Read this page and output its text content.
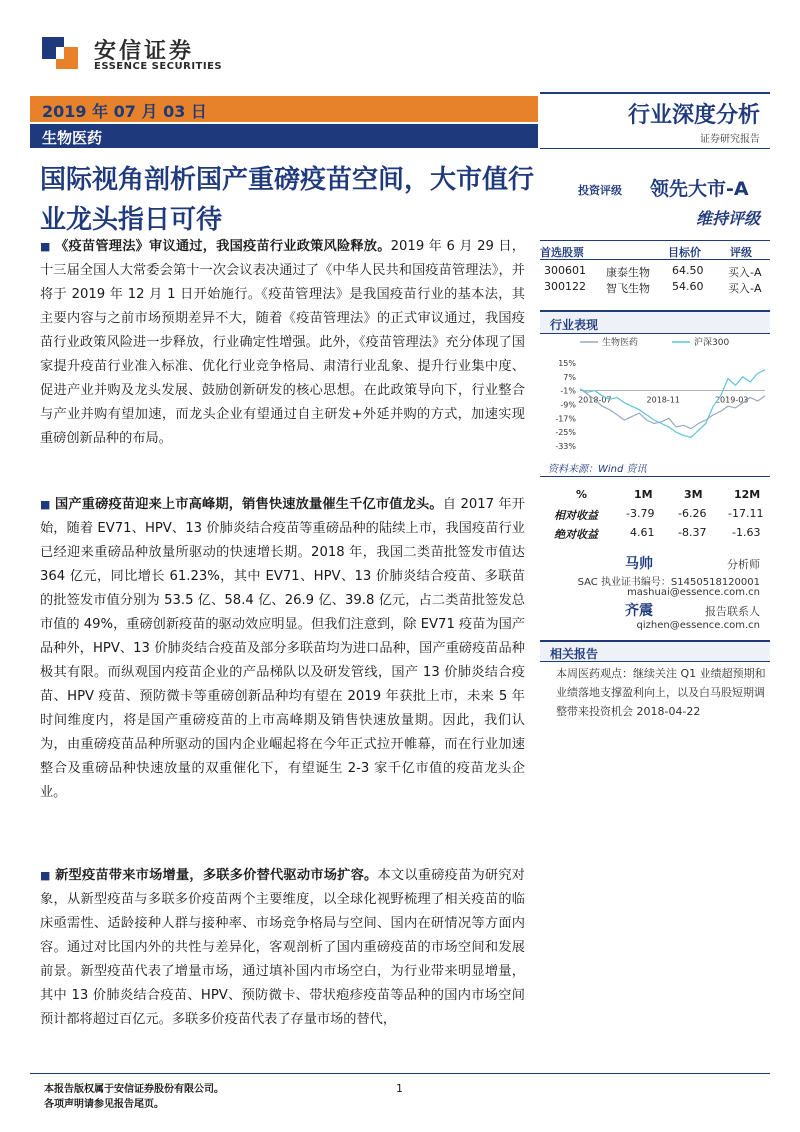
安信证券
ESSENCE SECURITIES
2019 年 07 月 03 日
生物医药
行业深度分析
证券研究报告
国际视角剖析国产重磅疫苗空间，大市值行业龙头指日可待
投资评级 领先大市-A
维持评级
■ 《疫苗管理法》审议通过，我国疫苗行业政策风险释放。2019 年 6 月 29 日，十三届全国人大常委会第十一次会议表决通过了《中华人民共和国疫苗管理法》，并将于 2019 年 12 月 1 日开始施行。《疫苗管理法》是我国疫苗行业的基本法，其主要内容与之前市场预期差异不大，随着《疫苗管理法》的正式审议通过，我国疫苗行业政策风险进一步释放，行业确定性增强。此外，《疫苗管理法》充分体现了国家提升疫苗行业准入标准、优化行业竞争格局、肃清行业乱象、提升行业集中度、促进产业并购及龙头发展、鼓励创新研发的核心思想。在此政策导向下，行业整合与产业并购有望加速，而龙头企业有望通过自主研发+外延并购的方式，加速实现重磅创新品种的布局。
■ 国产重磅疫苗迎来上市高峰期，销售快速放量催生千亿市值龙头。自 2017 年开始，随着 EV71、HPV、13 价肺炎结合疫苗等重磅品种的陆续上市，我国疫苗行业已经迎来重磅品种放量所驱动的快速增长期。2018 年，我国二类苗批签发市值达 364 亿元，同比增长 61.23%，其中 EV71、HPV、13 价肺炎结合疫苗、多联苗的批签发市值分别为 53.5 亿、58.4 亿、26.9 亿、39.8 亿元，占二类苗批签发总市值的 49%，重磅创新疫苗的驱动效应明显。但我们注意到，除 EV71 疫苗为国产品种外，HPV、13 价肺炎结合疫苗及部分多联苗均为进口品种，国产重磅疫苗品种极其有限。而纵观国内疫苗企业的产品梯队以及研发管线，国产 13 价肺炎结合疫苗、HPV 疫苗、预防微卡等重磅创新品种均有望在 2019 年获批上市，未来 5 年时间维度内，将是国产重磅疫苗的上市高峰期及销售快速放量期。因此，我们认为，由重磅疫苗品种所驱动的国内企业崛起将在今年正式拉开帷幕，而在行业加速整合及重磅品种快速放量的双重催化下，有望诞生 2-3 家千亿市值的疫苗龙头企业。
■ 新型疫苗带来市场增量，多联多价替代驱动市场扩容。本文以重磅疫苗为研究对象，从新型疫苗与多联多价疫苗两个主要维度，以全球化视野梳理了相关疫苗的临床亟需性、适龄接种人群与接种率、市场竞争格局与空间、国内在研情况等方面内容。通过对比国内外的共性与差异化，客观剖析了国内重磅疫苗的市场空间和发展前景。新型疫苗代表了增量市场，通过填补国内市场空白，为行业带来明显增量，其中 13 价肺炎结合疫苗、HPV、预防微卡、带状疱疹疫苗等品种的国内市场空间预计都将超过百亿元。多联多价疫苗代表了存量市场的替代，
首选股票	目标价	评级
300601 康泰生物 64.50 买入-A
300122 智飞生物 54.60 买入-A
行业表现
生物医药	沪深300
15%
7%
-1%
-9%
-17%
-25%
-33%
2018-07	2018-11	2019-03
资料来源：Wind 资讯
%	1M	3M	12M
相对收益	-3.79 -6.26 -17.11
绝对收益	4.61 -8.37 -1.63
马帅	分析师
SAC 执业证书编号：S1450518120001
mashuai@essence.com.cn
齐震	报告联系人
qizhen@essence.com.cn
相关报告
本周医药观点：继续关注 Q1 业绩超预期和业绩落地支撑盈利向上，以及白马股短期调整带来投资机会 2018-04-22
本报告版权属于安信证券股份有限公司。
各项声明请参见报告尾页。
1
